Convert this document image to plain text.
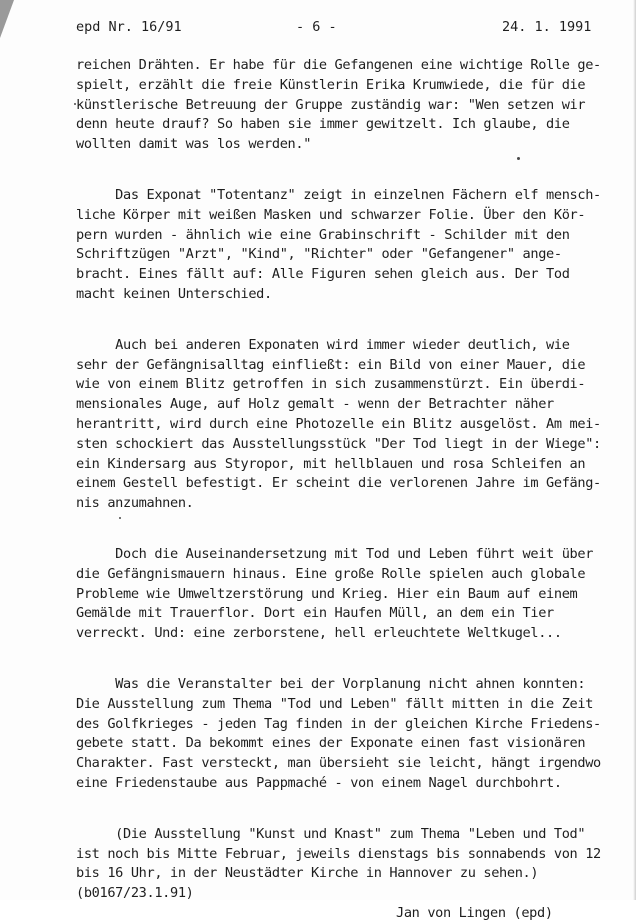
epd Nr. 16/91	- 6 -	24. 1. 1991
reichen Drähten. Er habe für die Gefangenen eine wichtige Rolle ge-
spielt, erzählt die freie Künstlerin Erika Krumwiede, die für die
künstlerische Betreuung der Gruppe zuständig war: "Wen setzen wir
denn heute drauf? So haben sie immer gewitzelt. Ich glaube, die
wollten damit was los werden."
Das Exponat "Totentanz" zeigt in einzelnen Fächern elf mensch-
liche Körper mit weißen Masken und schwarzer Folie. Über den Kör-
pern wurden - ähnlich wie eine Grabinschrift - Schilder mit den
Schriftzügen "Arzt", "Kind", "Richter" oder "Gefangener" ange-
bracht. Eines fällt auf: Alle Figuren sehen gleich aus. Der Tod
macht keinen Unterschied.
Auch bei anderen Exponaten wird immer wieder deutlich, wie
sehr der Gefängnisalltag einfließt: ein Bild von einer Mauer, die
wie von einem Blitz getroffen in sich zusammenstürzt. Ein überdi-
mensionales Auge, auf Holz gemalt - wenn der Betrachter näher
herantritt, wird durch eine Photozelle ein Blitz ausgelöst. Am mei-
sten schockiert das Ausstellungsstück "Der Tod liegt in der Wiege":
ein Kindersarg aus Styropor, mit hellblauen und rosa Schleifen an
einem Gestell befestigt. Er scheint die verlorenen Jahre im Gefäng-
nis anzumahnen.
Doch die Auseinandersetzung mit Tod und Leben führt weit über
die Gefängnismauern hinaus. Eine große Rolle spielen auch globale
Probleme wie Umweltzerstörung und Krieg. Hier ein Baum auf einem
Gemälde mit Trauerflor. Dort ein Haufen Müll, an dem ein Tier
verreckt. Und: eine zerborstene, hell erleuchtete Weltkugel...
Was die Veranstalter bei der Vorplanung nicht ahnen konnten:
Die Ausstellung zum Thema "Tod und Leben" fällt mitten in die Zeit
des Golfkrieges - jeden Tag finden in der gleichen Kirche Friedens-
gebete statt. Da bekommt eines der Exponate einen fast visionären
Charakter. Fast versteckt, man übersieht sie leicht, hängt irgendwo
eine Friedenstaube aus Pappmaché - von einem Nagel durchbohrt.
(Die Ausstellung "Kunst und Knast" zum Thema "Leben und Tod"
ist noch bis Mitte Februar, jeweils dienstags bis sonnabends von 12
bis 16 Uhr, in der Neustädter Kirche in Hannover zu sehen.)
(b0167/23.1.91)
Jan von Lingen (epd)
